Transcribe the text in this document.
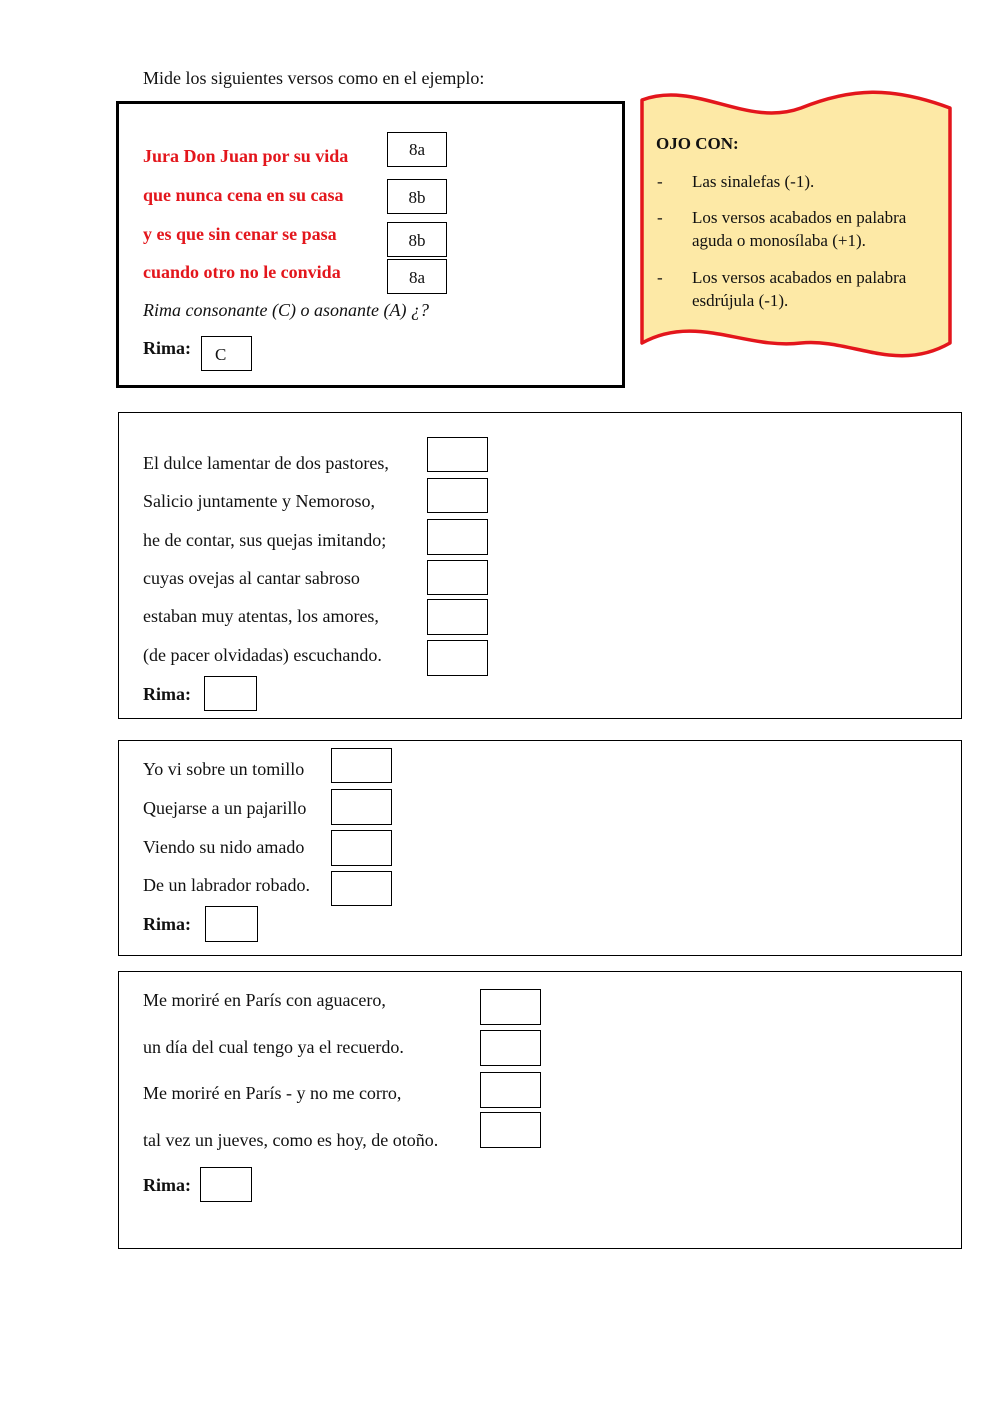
Mide los siguientes versos como en el ejemplo:
Jura Don Juan por su vida
que nunca cena en su casa
y es que sin cenar se pasa
cuando otro no le convida
8a
8b
8b
8a
Rima consonante (C) o asonante (A) ¿?
Rima:	C
OJO CON:
- Las sinalefas (-1).
- Los versos acabados en palabra aguda o monosílaba (+1).
- Los versos acabados en palabra esdrújula (-1).
El dulce lamentar de dos pastores,
Salicio juntamente y Nemoroso,
he de contar, sus quejas imitando;
cuyas ovejas al cantar sabroso
estaban muy atentas, los amores,
(de pacer olvidadas) escuchando.
Rima:
Yo vi sobre un tomillo
Quejarse a un pajarillo
Viendo su nido amado
De un labrador robado.
Rima:
Me moriré en París con aguacero,
un día del cual tengo ya el recuerdo.
Me moriré en París - y no me corro,
tal vez un jueves, como es hoy, de otoño.
Rima:
